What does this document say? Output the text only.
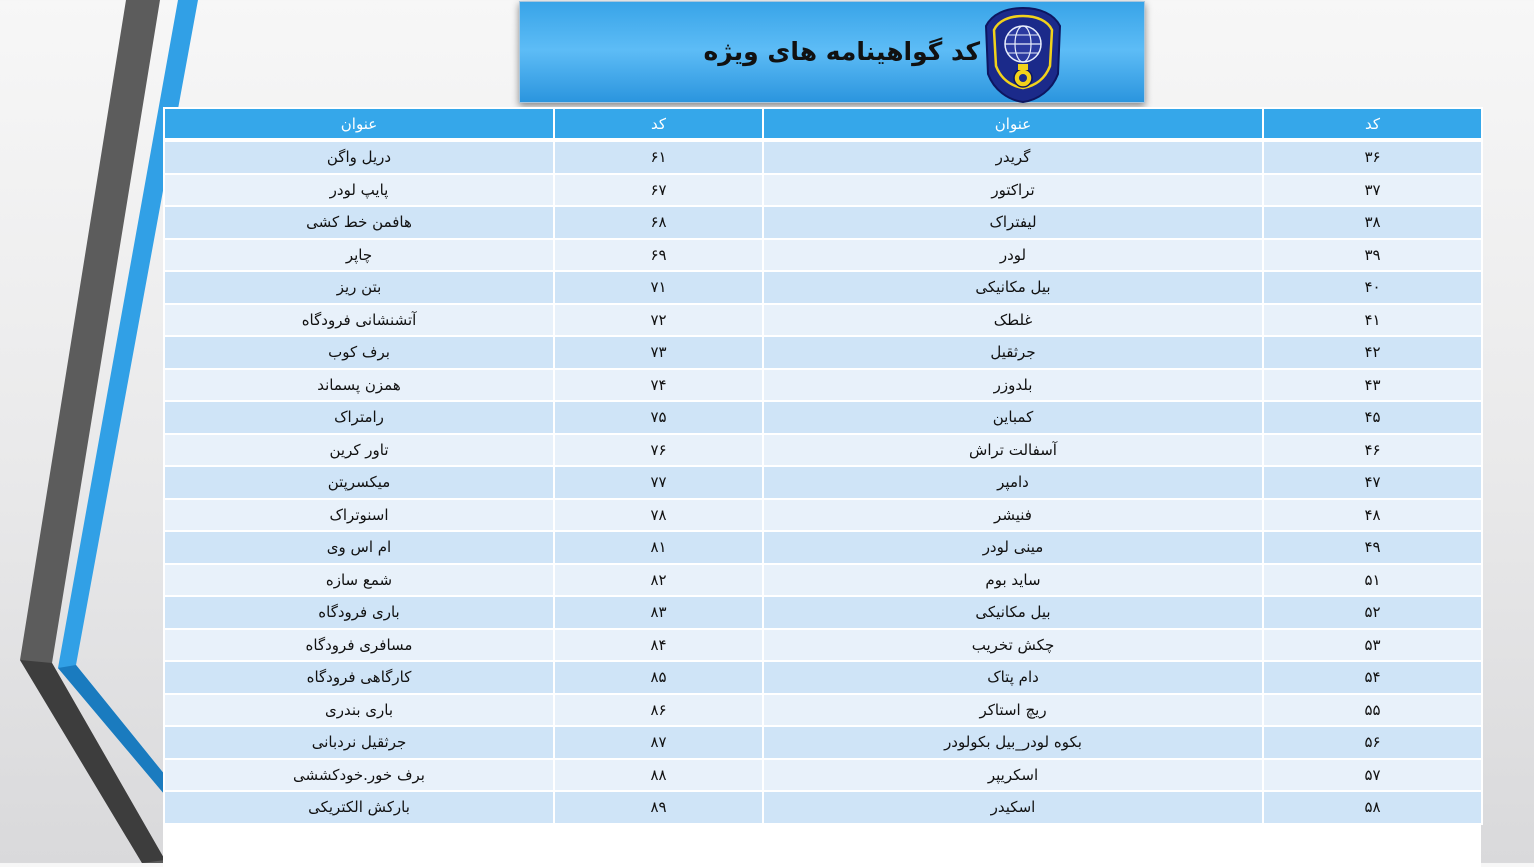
کد گواهینامه های ویژه
کد	عنوان	کد	عنوان
۳۶	گریدر	۶۱	دریل واگن
۳۷	تراکتور	۶۷	پایپ لودر
۳۸	لیفتراک	۶۸	هافمن خط کشی
۳۹	لودر	۶۹	چاپر
۴۰	بیل مکانیکی	۷۱	بتن ریز
۴۱	غلطک	۷۲	آتشنشانی فرودگاه
۴۲	جرثقیل	۷۳	برف کوب
۴۳	بلدوزر	۷۴	همزن پسماند
۴۵	کمباین	۷۵	رامتراک
۴۶	آسفالت تراش	۷۶	تاور کرین
۴۷	دامپر	۷۷	میکسرپتن
۴۸	فنیشر	۷۸	اسنوتراک
۴۹	مینی لودر	۸۱	ام اس وی
۵۱	ساید بوم	۸۲	شمع سازه
۵۲	بیل مکانیکی	۸۳	باری فرودگاه
۵۳	چکش تخریب	۸۴	مسافری فرودگاه
۵۴	دام پتاک	۸۵	کارگاهی فرودگاه
۵۵	ریچ استاکر	۸۶	باری بندری
۵۶	بکوه لودر_بیل بکولودر	۸۷	جرثقیل نردبانی
۵۷	اسکریپر	۸۸	برف خور.خودکششی
۵۸	اسکیدر	۸۹	بارکش الکتریکی
